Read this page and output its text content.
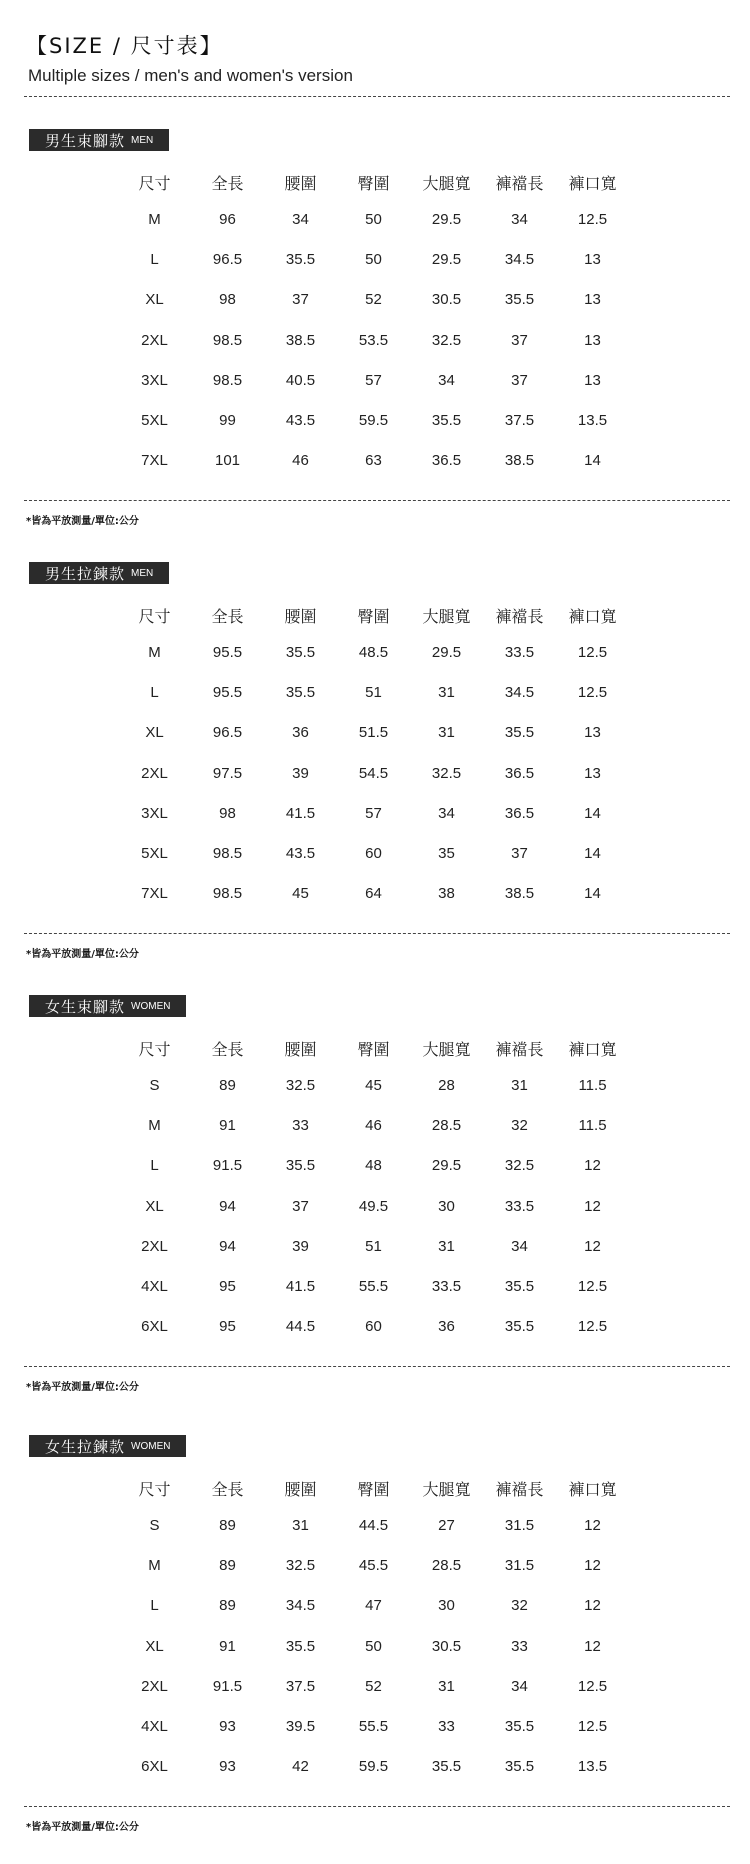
【SIZE / 尺寸表】
Multiple sizes / men's and women's version
男生束腳款 MEN
尺寸	全長	腰圍	臀圍	大腿寬	褲襠長	褲口寬
M	96	34	50	29.5	34	12.5
L	96.5	35.5	50	29.5	34.5	13
XL	98	37	52	30.5	35.5	13
2XL	98.5	38.5	53.5	32.5	37	13
3XL	98.5	40.5	57	34	37	13
5XL	99	43.5	59.5	35.5	37.5	13.5
7XL	101	46	63	36.5	38.5	14
*皆為平放測量/單位:公分
男生拉鍊款 MEN
尺寸	全長	腰圍	臀圍	大腿寬	褲襠長	褲口寬
M	95.5	35.5	48.5	29.5	33.5	12.5
L	95.5	35.5	51	31	34.5	12.5
XL	96.5	36	51.5	31	35.5	13
2XL	97.5	39	54.5	32.5	36.5	13
3XL	98	41.5	57	34	36.5	14
5XL	98.5	43.5	60	35	37	14
7XL	98.5	45	64	38	38.5	14
*皆為平放測量/單位:公分
女生束腳款 WOMEN
尺寸	全長	腰圍	臀圍	大腿寬	褲襠長	褲口寬
S	89	32.5	45	28	31	11.5
M	91	33	46	28.5	32	11.5
L	91.5	35.5	48	29.5	32.5	12
XL	94	37	49.5	30	33.5	12
2XL	94	39	51	31	34	12
4XL	95	41.5	55.5	33.5	35.5	12.5
6XL	95	44.5	60	36	35.5	12.5
*皆為平放測量/單位:公分
女生拉鍊款 WOMEN
尺寸	全長	腰圍	臀圍	大腿寬	褲襠長	褲口寬
S	89	31	44.5	27	31.5	12
M	89	32.5	45.5	28.5	31.5	12
L	89	34.5	47	30	32	12
XL	91	35.5	50	30.5	33	12
2XL	91.5	37.5	52	31	34	12.5
4XL	93	39.5	55.5	33	35.5	12.5
6XL	93	42	59.5	35.5	35.5	13.5
*皆為平放測量/單位:公分
